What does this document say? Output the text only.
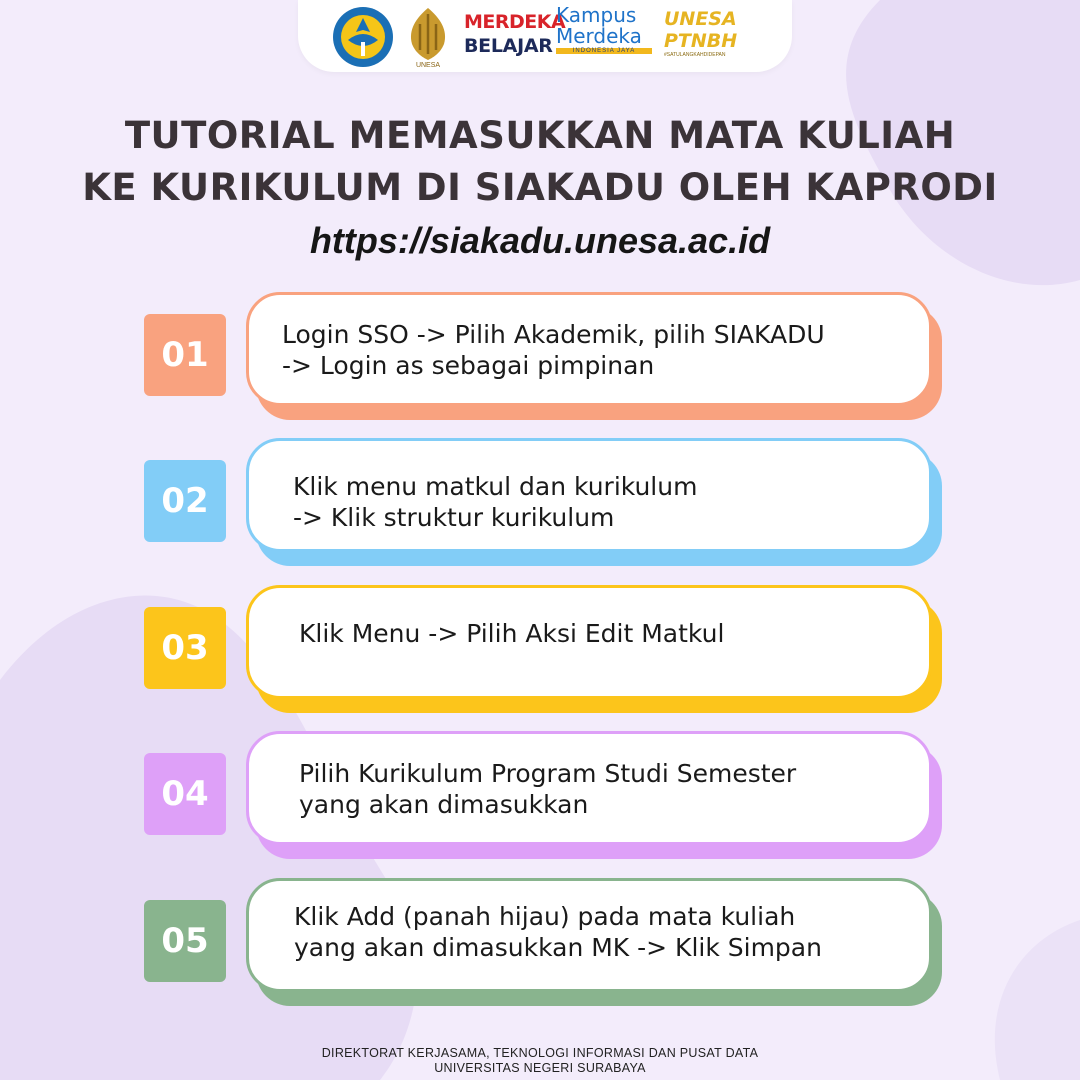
UNESA
MERDEKA
BELAJAR
Kampus
Merdeka
INDONESIA JAYA
UNESA
PTNBH
#SATULANGKAHDIDEPAN
TUTORIAL MEMASUKKAN MATA KULIAH
KE KURIKULUM DI SIAKADU OLEH KAPRODI
https://siakadu.unesa.ac.id
01
Login SSO -> Pilih Akademik, pilih SIAKADU
-> Login as sebagai pimpinan
02	Klik menu matkul dan kurikulum
-> Klik struktur kurikulum
03	Klik Menu -> Pilih Aksi Edit Matkul
04
Pilih Kurikulum Program Studi Semester
yang akan dimasukkan
05
Klik Add (panah hijau) pada mata kuliah
yang akan dimasukkan MK -> Klik Simpan
DIREKTORAT KERJASAMA, TEKNOLOGI INFORMASI DAN PUSAT DATA
UNIVERSITAS NEGERI SURABAYA
